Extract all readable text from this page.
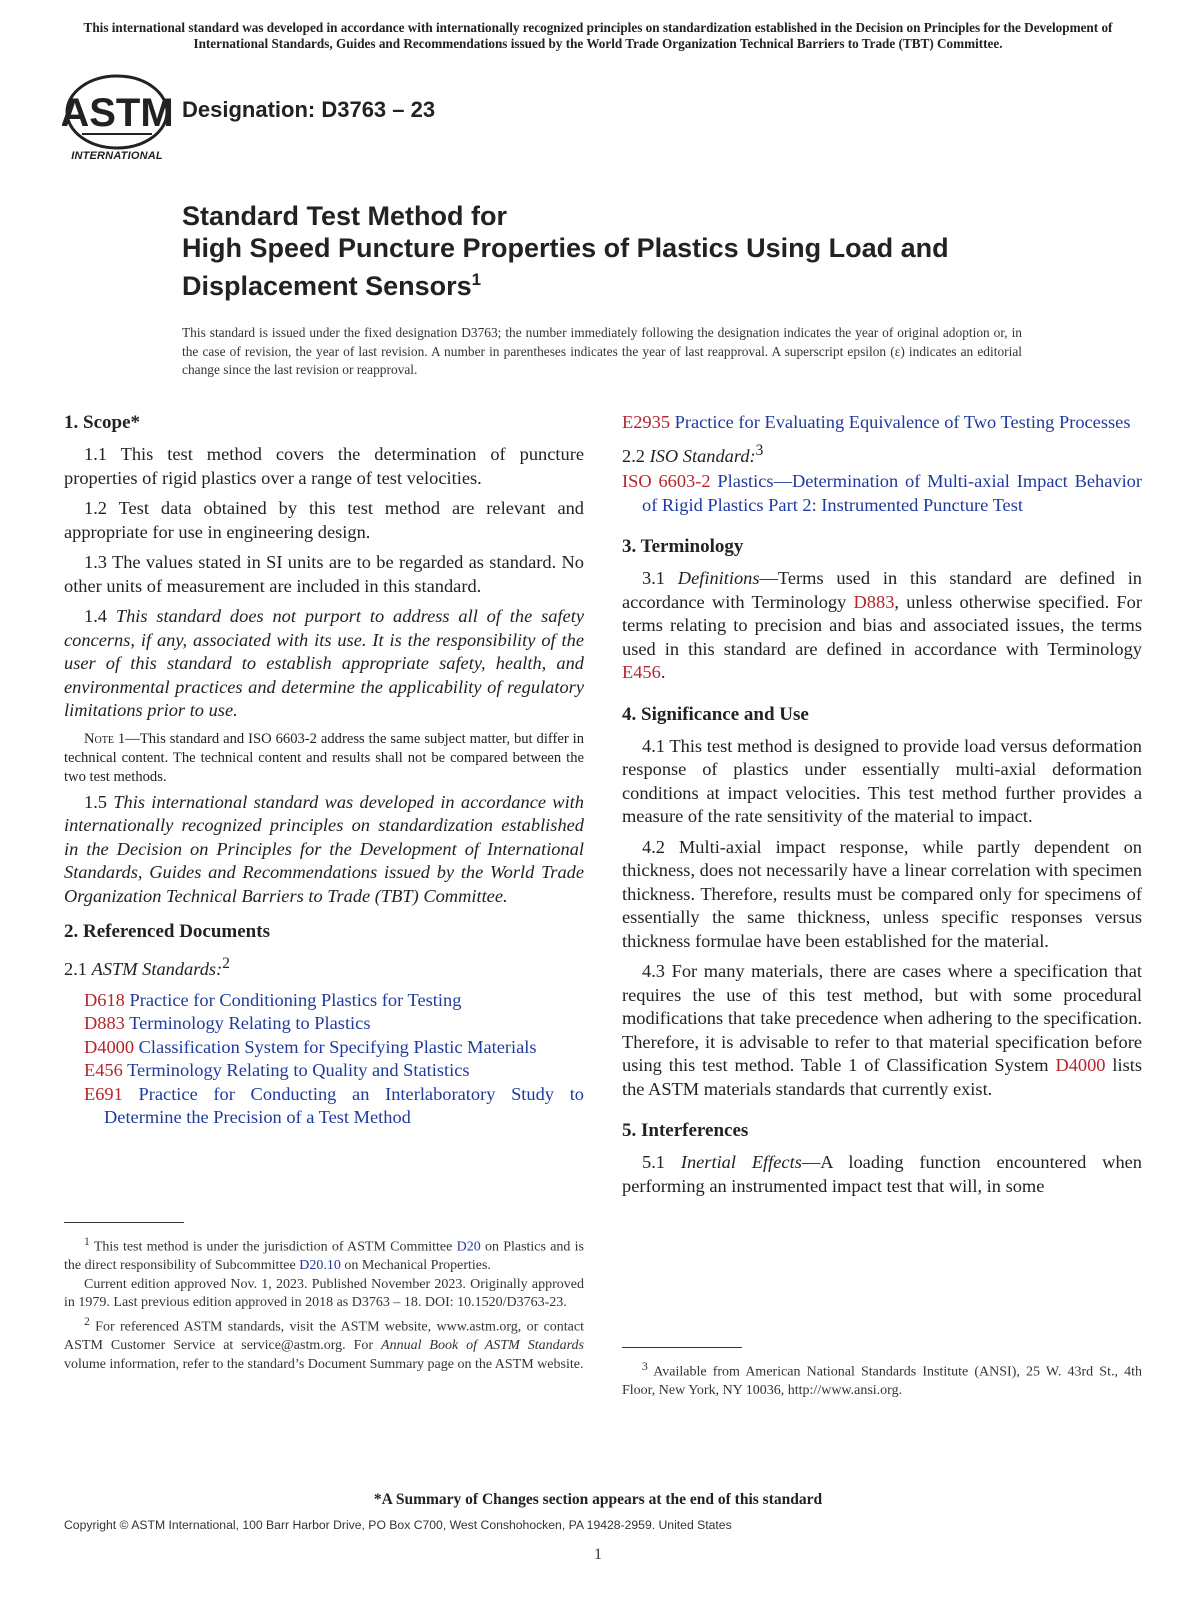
This international standard was developed in accordance with internationally recognized principles on standardization established in the Decision on Principles for the Development of International Standards, Guides and Recommendations issued by the World Trade Organization Technical Barriers to Trade (TBT) Committee.
ASTM
INTERNATIONAL
Designation: D3763 – 23
Standard Test Method for
High Speed Puncture Properties of Plastics Using Load and
Displacement Sensors$^1$
This standard is issued under the fixed designation D3763; the number immediately following the designation indicates the year of original adoption or, in the case of revision, the year of last revision. A number in parentheses indicates the year of last reapproval. A superscript epsilon (ε) indicates an editorial change since the last revision or reapproval.
1. Scope*

1.1 This test method covers the determination of puncture properties of rigid plastics over a range of test velocities.

1.2 Test data obtained by this test method are relevant and appropriate for use in engineering design.

1.3 The values stated in SI units are to be regarded as standard. No other units of measurement are included in this standard.

1.4 This standard does not purport to address all of the safety concerns, if any, associated with its use. It is the responsibility of the user of this standard to establish appropriate safety, health, and environmental practices and determine the applicability of regulatory limitations prior to use.

Note 1—This standard and ISO 6603-2 address the same subject matter, but differ in technical content. The technical content and results shall not be compared between the two test methods.

1.5 This international standard was developed in accordance with internationally recognized principles on standardization established in the Decision on Principles for the Development of International Standards, Guides and Recommendations issued by the World Trade Organization Technical Barriers to Trade (TBT) Committee.

2. Referenced Documents

2.1 ASTM Standards:$^2$

D618 Practice for Conditioning Plastics for Testing
D883 Terminology Relating to Plastics
D4000 Classification System for Specifying Plastic Materials
E456 Terminology Relating to Quality and Statistics
E691 Practice for Conducting an Interlaboratory Study to Determine the Precision of a Test Method

$^1$ This test method is under the jurisdiction of ASTM Committee D20 on Plastics and is the direct responsibility of Subcommittee D20.10 on Mechanical Properties.

Current edition approved Nov. 1, 2023. Published November 2023. Originally approved in 1979. Last previous edition approved in 2018 as D3763 – 18. DOI: 10.1520/D3763-23.

$^2$ For referenced ASTM standards, visit the ASTM website, www.astm.org, or contact ASTM Customer Service at service@astm.org. For Annual Book of ASTM Standards volume information, refer to the standard’s Document Summary page on the ASTM website.

E2935 Practice for Evaluating Equivalence of Two Testing Processes

2.2 ISO Standard:$^3$

ISO 6603-2 Plastics—Determination of Multi-axial Impact Behavior of Rigid Plastics Part 2: Instrumented Puncture Test
3. Terminology

3.1 Definitions—Terms used in this standard are defined in accordance with Terminology D883, unless otherwise specified. For terms relating to precision and bias and associated issues, the terms used in this standard are defined in accordance with Terminology E456.

4. Significance and Use

4.1 This test method is designed to provide load versus deformation response of plastics under essentially multi-axial deformation conditions at impact velocities. This test method further provides a measure of the rate sensitivity of the material to impact.

4.2 Multi-axial impact response, while partly dependent on thickness, does not necessarily have a linear correlation with specimen thickness. Therefore, results must be compared only for specimens of essentially the same thickness, unless specific responses versus thickness formulae have been established for the material.

4.3 For many materials, there are cases where a specification that requires the use of this test method, but with some procedural modifications that take precedence when adhering to the specification. Therefore, it is advisable to refer to that material specification before using this test method. Table 1 of Classification System D4000 lists the ASTM materials standards that currently exist.

5. Interferences

5.1 Inertial Effects—A loading function encountered when performing an instrumented impact test that will, in some

$^3$ Available from American National Standards Institute (ANSI), 25 W. 43rd St., 4th Floor, New York, NY 10036, http://www.ansi.org.

*A Summary of Changes section appears at the end of this standard
Copyright © ASTM International, 100 Barr Harbor Drive, PO Box C700, West Conshohocken, PA 19428-2959. United States
1
